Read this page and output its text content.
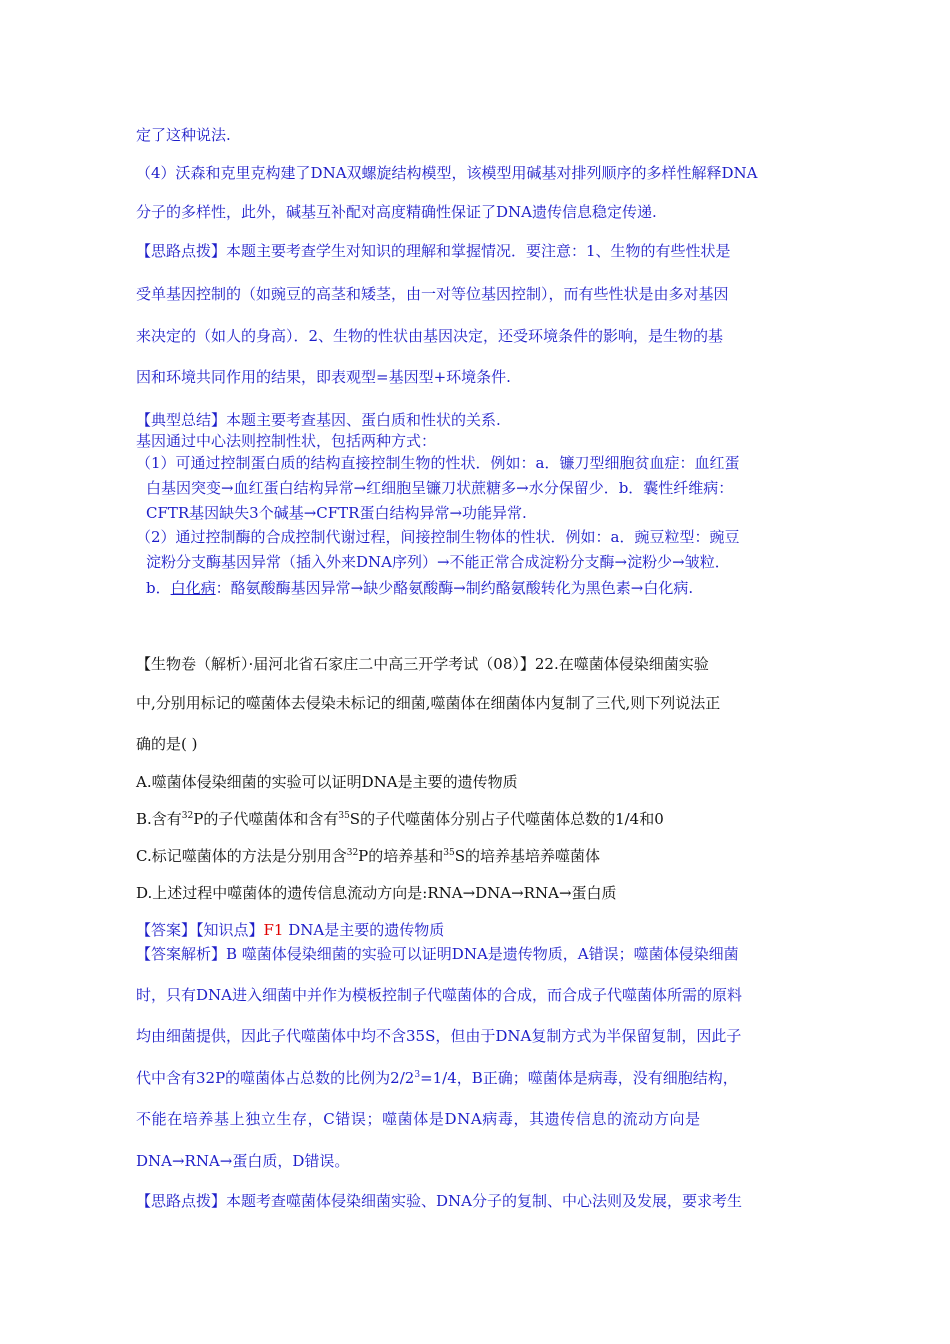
定了这种说法.
（4）沃森和克里克构建了DNA双螺旋结构模型，该模型用碱基对排列顺序的多样性解释DNA
分子的多样性，此外，碱基互补配对高度精确性保证了DNA遗传信息稳定传递.
【思路点拨】本题主要考查学生对知识的理解和掌握情况．要注意：1、生物的有些性状是
受单基因控制的（如豌豆的高茎和矮茎，由一对等位基因控制），而有些性状是由多对基因
来决定的（如人的身高）．2、生物的性状由基因决定，还受环境条件的影响，是生物的基
因和环境共同作用的结果，即表观型=基因型+环境条件.
【典型总结】本题主要考查基因、蛋白质和性状的关系.
基因通过中心法则控制性状，包括两种方式：
（1）可通过控制蛋白质的结构直接控制生物的性状．例如：a．镰刀型细胞贫血症：血红蛋
白基因突变→血红蛋白结构异常→红细胞呈镰刀状蔗糖多→水分保留少．b．囊性纤维病：
CFTR基因缺失3个碱基→CFTR蛋白结构异常→功能异常.
（2）通过控制酶的合成控制代谢过程，间接控制生物体的性状．例如：a．豌豆粒型：豌豆
淀粉分支酶基因异常（插入外来DNA序列）→不能正常合成淀粉分支酶→淀粉少→皱粒．
b．白化病：酪氨酸酶基因异常→缺少酪氨酸酶→制约酪氨酸转化为黑色素→白化病.
【生物卷（解析）·届河北省石家庄二中高三开学考试（08）】22.在噬菌体侵染细菌实验
中,分别用标记的噬菌体去侵染未标记的细菌,噬菌体在细菌体内复制了三代,则下列说法正
确的是( )
A.噬菌体侵染细菌的实验可以证明DNA是主要的遗传物质
B.含有$^{32}$P的子代噬菌体和含有$^{35}$S的子代噬菌体分别占子代噬菌体总数的1/4和0
C.标记噬菌体的方法是分别用含$^{32}$P的培养基和$^{35}$S的培养基培养噬菌体
D.上述过程中噬菌体的遗传信息流动方向是:RNA→DNA→RNA→蛋白质
【答案】【知识点】F1 DNA是主要的遗传物质
【答案解析】B 噬菌体侵染细菌的实验可以证明DNA是遗传物质，A错误；噬菌体侵染细菌
时，只有DNA进入细菌中并作为模板控制子代噬菌体的合成，而合成子代噬菌体所需的原料
均由细菌提供，因此子代噬菌体中均不含35S，但由于DNA复制方式为半保留复制，因此子
代中含有32P的噬菌体占总数的比例为$2/2^3=1/4$，B正确；噬菌体是病毒，没有细胞结构，
不能在培养基上独立生存，C错误；噬菌体是DNA病毒，其遗传信息的流动方向是
DNA→RNA→蛋白质，D错误。
【思路点拨】本题考查噬菌体侵染细菌实验、DNA分子的复制、中心法则及发展，要求考生
